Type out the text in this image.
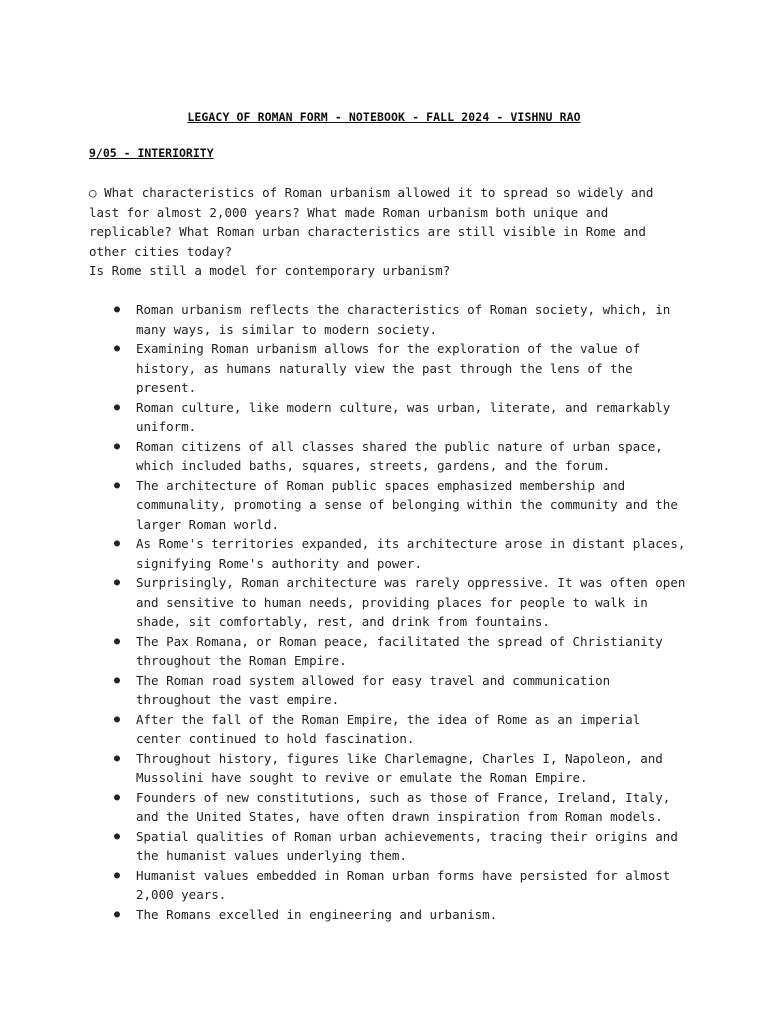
LEGACY OF ROMAN FORM - NOTEBOOK - FALL 2024 - VISHNU RAO
9/05 - INTERIORITY

○ What characteristics of Roman urbanism allowed it to spread so widely and last for almost 2,000 years? What made Roman urbanism both unique and replicable? What Roman urban characteristics are still visible in Rome and other cities today?

Is Rome still a model for contemporary urbanism?

● Roman urbanism reflects the characteristics of Roman society, which, in many ways, is similar to modern society.
● Examining Roman urbanism allows for the exploration of the value of history, as humans naturally view the past through the lens of the present.
● Roman culture, like modern culture, was urban, literate, and remarkably uniform.
● Roman citizens of all classes shared the public nature of urban space, which included baths, squares, streets, gardens, and the forum.
● The architecture of Roman public spaces emphasized membership and communality, promoting a sense of belonging within the community and the larger Roman world.
● As Rome's territories expanded, its architecture arose in distant places, signifying Rome's authority and power.
● Surprisingly, Roman architecture was rarely oppressive. It was often open and sensitive to human needs, providing places for people to walk in shade, sit comfortably, rest, and drink from fountains.
● The Pax Romana, or Roman peace, facilitated the spread of Christianity throughout the Roman Empire.
● The Roman road system allowed for easy travel and communication throughout the vast empire.
● After the fall of the Roman Empire, the idea of Rome as an imperial center continued to hold fascination.
● Throughout history, figures like Charlemagne, Charles I, Napoleon, and Mussolini have sought to revive or emulate the Roman Empire.
● Founders of new constitutions, such as those of France, Ireland, Italy, and the United States, have often drawn inspiration from Roman models.
● Spatial qualities of Roman urban achievements, tracing their origins and the humanist values underlying them.
● Humanist values embedded in Roman urban forms have persisted for almost 2,000 years.
● The Romans excelled in engineering and urbanism.
